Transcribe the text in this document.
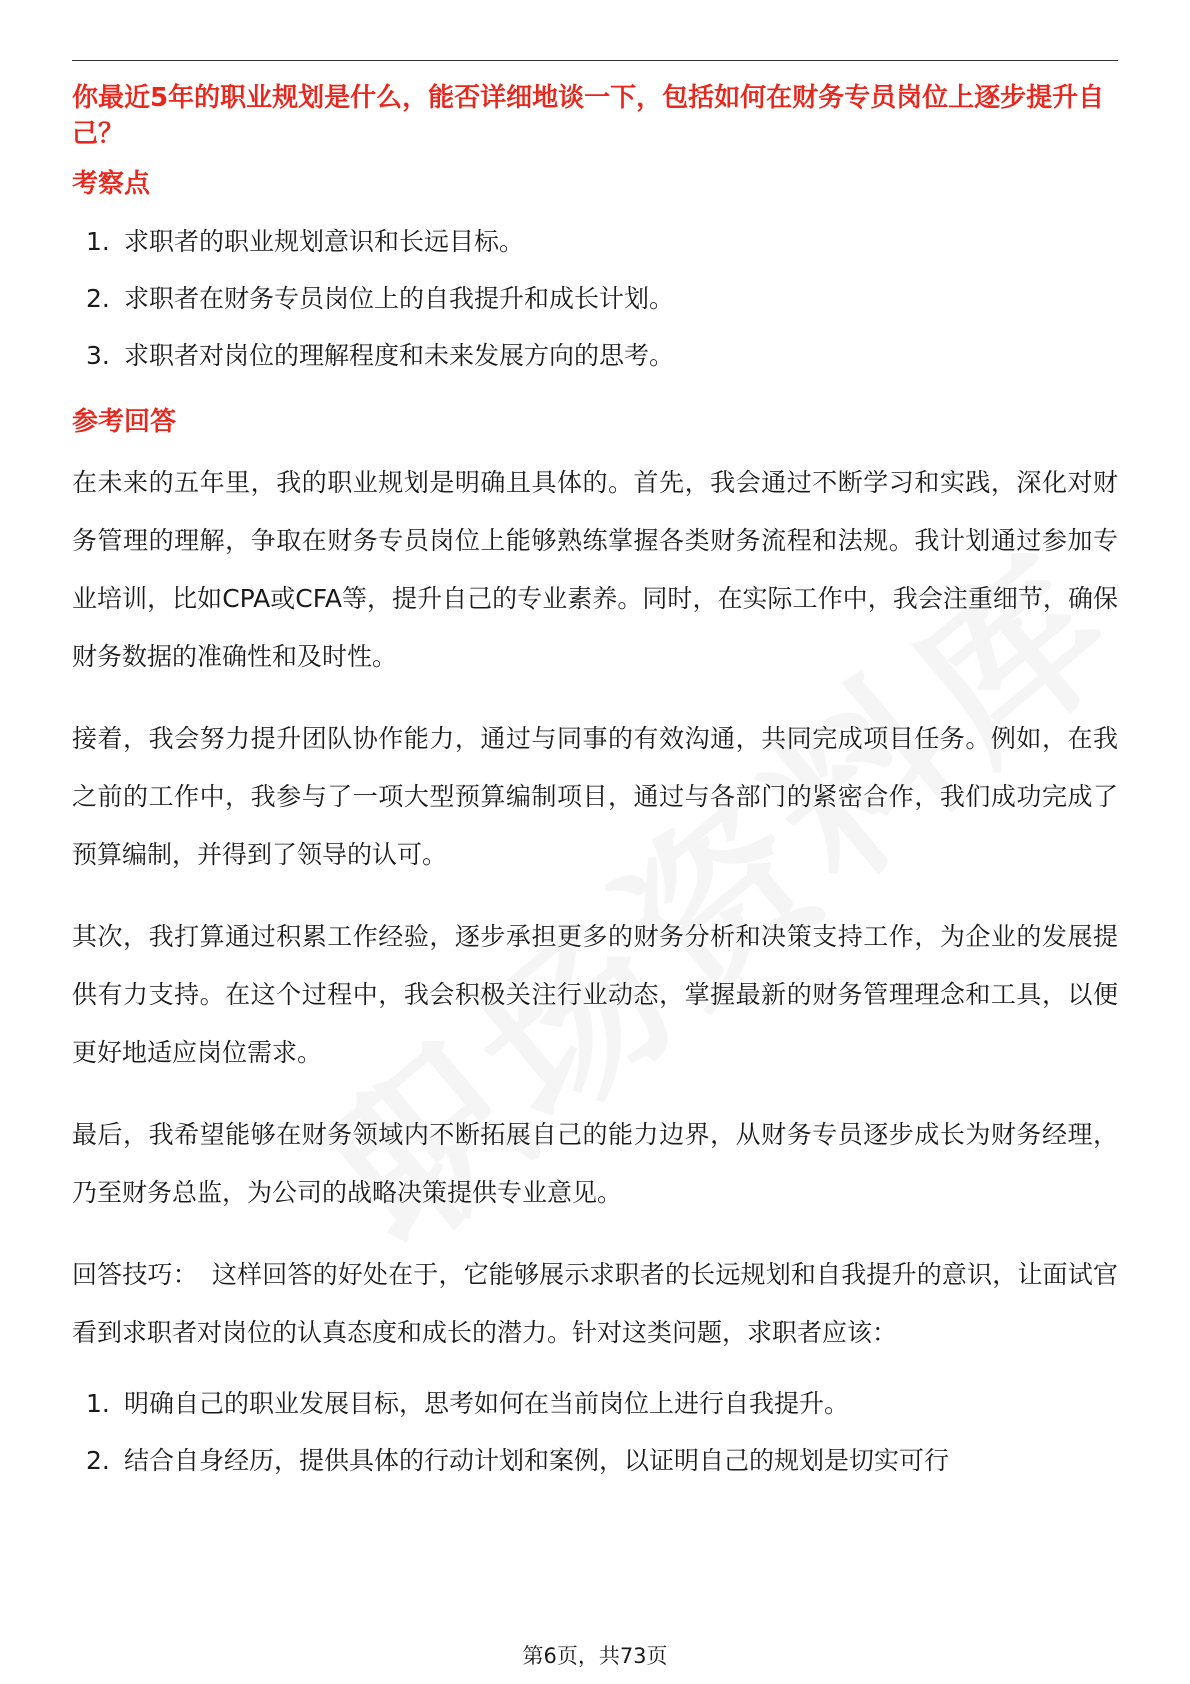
你最近5年的职业规划是什么，能否详细地谈一下，包括如何在财务专员岗位上逐步提升自己？
考察点
1. 求职者的职业规划意识和长远目标。
2. 求职者在财务专员岗位上的自我提升和成长计划。
3. 求职者对岗位的理解程度和未来发展方向的思考。
参考回答

在未来的五年里，我的职业规划是明确且具体的。首先，我会通过不断学习和实践，深化对财务管理的理解，争取在财务专员岗位上能够熟练掌握各类财务流程和法规。我计划通过参加专业培训，比如CPA或CFA等，提升自己的专业素养。同时，在实际工作中，我会注重细节，确保财务数据的准确性和及时性。

接着，我会努力提升团队协作能力，通过与同事的有效沟通，共同完成项目任务。例如，在我之前的工作中，我参与了一项大型预算编制项目，通过与各部门的紧密合作，我们成功完成了预算编制，并得到了领导的认可。

其次，我打算通过积累工作经验，逐步承担更多的财务分析和决策支持工作，为企业的发展提供有力支持。在这个过程中，我会积极关注行业动态，掌握最新的财务管理理念和工具，以便更好地适应岗位需求。

最后，我希望能够在财务领域内不断拓展自己的能力边界，从财务专员逐步成长为财务经理，乃至财务总监，为公司的战略决策提供专业意见。

回答技巧： 这样回答的好处在于，它能够展示求职者的长远规划和自我提升的意识，让面试官看到求职者对岗位的认真态度和成长的潜力。针对这类问题，求职者应该：

1. 明确自己的职业发展目标，思考如何在当前岗位上进行自我提升。
2. 结合自身经历，提供具体的行动计划和案例，以证明自己的规划是切实可行
第6页，共73页
